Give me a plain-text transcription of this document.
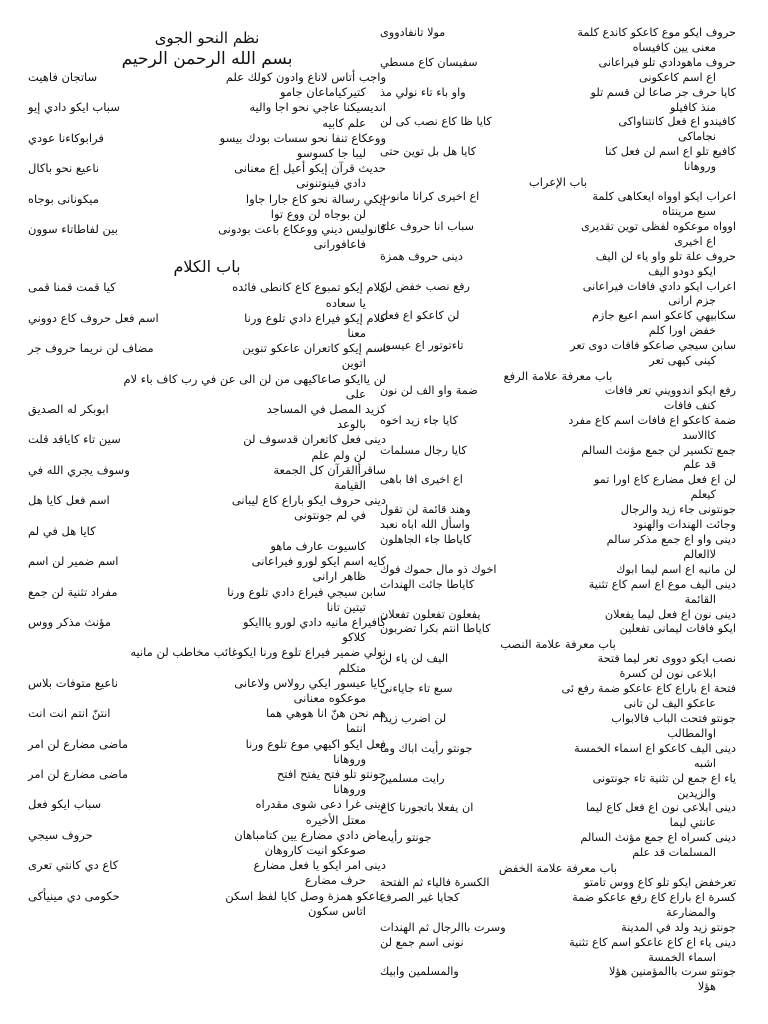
نظم النحو الجوى
بسم الله الرحمن الرحيم
واجب أتاس لاناع وادون كولك علم
ساتجان فاهيت
كتيركياماعان جامو
انديسيكنا عاجي نحو اجا واليه
سباب ايكو دادي إيو
علم كابيه
ووعكاع تنفا نحو سسات بودك بيسو
فرابوكاءنا عودي
ليبا جا كسوسو
حديث قرآن إيكو أعيل إع معنانى
ناعيع نحو باكال
دادي فينوتنونى
إيكي رسالة نحو كاع جارا جاوا
ميكونانى بوجاه
لن بوجاه لن ووع توا
كانوليس ديني ووعكاع باعت بودونى
بين لفاطاتاء سوون
فاعافورانى
باب الكلام
كلام إيكو تمبوع كاع كانطى فائده
كيا قمت قمنا قمى
يا سعاده
كلام إيكو فيراع دادي تلوع ورنا
اسم فعل حروف كاع دووني
معنا
اسم إيكو كاتعران عاعكو تنوين
مضاف لن نريما حروف جر
اتوين
لن ياايكو صاعاكيهى من لن الى عن في رب كاف باء لام
على
كزيد المصل في المساجد
ابوبكر له الصديق
بالوعد
دينى فعل كاتعران قدسوف لن
سين تاء كاياقد قلت
لن ولم علم
ساقرأالقرآن كل الجمعة
وسوف يجري الله في
القيامة
دينى حروف ايكو باراع كاع ليبانى
اسم فعل كايا هل
في لم جونتونى
كايا هل في لم
كاسيوت عارف ماهو
كايه اسم ايكو لورو فيراعانى
اسم ضمير لن اسم
ظاهر ارانى
سابن سيجي فيراع دادي تلوع ورنا
مفراد تثنية لن جمع
تيتين تانا
كافيراع مانيه دادي لورو يااايكو
مؤنث مذكر ووس
كلاكو
نولي ضمير فيراع تلوع ورنا ايكوغائب مخاطب لن مانيه
متكلم
كايا عيسور ايكي رولاس ولاعانى
ناعيع متوفات بلاس
موعكوه معنانى
هم نحن هنّ انا هوهي هما
انتنّ انتم انت انت
انتما
فعل ايكو اكيهي موع تلوع ورنا
ماضى مضارع لن امر
وروهانا
جونتو تلو فتح يفتح افتح
ماضى مضارع لن امر
وروهانا
دينى غرا دعى شوى مقدراه
سباب ايكو فعل
معتل الأخيره
ماض دادي مضارع يين كتامباهان
حروف سيجي
صوعكو انيت كاروهان
دينى امر ايكو يا فعل مضارع
كاع دي كانتي تعرى
حرف مضارع
عاعكو همزة وصل كايا لفظ اسكن
حكومى دي مينيأكى
اتاس سكون
حروف ايكو موع كاعكو كاندع كلمة
مولا تانفادووى
معنى يين كافيساه
حروف ماهودادي تلو فيراعانى
سفيسان كاع مسطي
اع اسم كاعكونى
كايا حرف جر صاعا لن قسم تلو
واو باء تاء نولي مذ
منذ كافيلو
كافيندو اع فعل كانتناواكى
كايا ظا كاع نصب كى لن
نجاماكى
كافيع تلو اع اسم لن فعل كنا
كايا هل بل توين حتى
وروهانا
باب الإعراب
اعراب ايكو اوواه ايعكاهى كلمة
اع اخيرى كرانا مانوت
سبع مرينتاه
اوواه موعكوه لفظى توين تقديرى
سباب انا حروف علة
اع اخيرى
حروف علة تلو واو ياء لن اليف
دينى حروف همزة
ايكو دودو اليف
اعراب ايكو دادي فافات فيراعانى
رفع نصب خفض لن
جزم ارانى
سكابيهي كاعكو اسم اعيع جازم
لن كاعكو اع فعل
خفض اورا كلم
سابن سيجي صاعكو فافات دوى تعر
تاءتوتور اع عيسور
كينى كيهى تعر
باب معرفة علامة الرفع
رفع ايكو اندوويني تعر فافات
ضمة واو الف لن نون
كنف فافات
ضمة كاعكو اع فافات اسم كاع مفرد
كايا جاء زيد اخوه
كاالاسد
جمع تكسير لن جمع مؤنث السالم
كايا رجال مسلمات
قد علم
لن اع فعل مضارع كاع اورا تمو
اع اخيرى افا باهى
كيعلم
جونتونى جاء زيد والرجال
وهند قائمة لن تقول
وجائت الهندات والهنود
واسأل الله اباه نعبد
دينى واو اع جمع مذكر سالم
كاياطا جاء الجاهلون
لاالعالم
لن مانيه اع اسم ليما ابوك
اخوك ذو مال حموك فوك
دينى اليف موع اع اسم كاع تثنية
كاياطا جائت الهندات
القائمة
دينى نون اع فعل ليما يفعلان
يفعلون تفعلون تفعلان
ايكو فافات ليمانى تفعلين
كاياطا انتم بكرا تضربون
باب معرفة علامة النصب
نصب ايكو دووى تعر ليما فتحة
اليف لن ياء لن
ابلاعى نون لن كسرة
فتحة اع باراع كاع عاعكو ضمة رفع ئى
سبع تاء جاياءنى
عاعكو اليف لن تانى
جونتو فتحت الباب فالابواب
لن اضرب زيدا
اوالمطالب
دينى اليف كاعكو اع اسماء الخمسة
جونتو رأيت اباك وما
اشبه
ياء اع جمع لن تثنية تاء جونتونى
رايت مسلمين
والزيدين
دينى ابلاعى نون اع فعل كاع ليما
ان يفعلا باتجورنا كاع
عانتي ليما
دينى كسراه اع جمع مؤنث السالم
جونتو رأيت
المسلمات قد علم
باب معرفة علامة الخفض
تعرخفض ايكو تلو كاع ووس تامتو
الكسرة فالياء ثم الفتحة
كسرة اع باراع كاع رفع عاعكو ضمة
كجايا غير الصرف
والمضارعة
جونتو زيد ولد في المدينة
وسرت باالرجال ثم الهندات
دينى ياء اع كاع عاعكو اسم كاع تثنية
نونى اسم جمع لن
اسماء الخمسة
جونتو سرت باالمؤمنين هؤلا
والمسلمين وابيك
هؤلا
